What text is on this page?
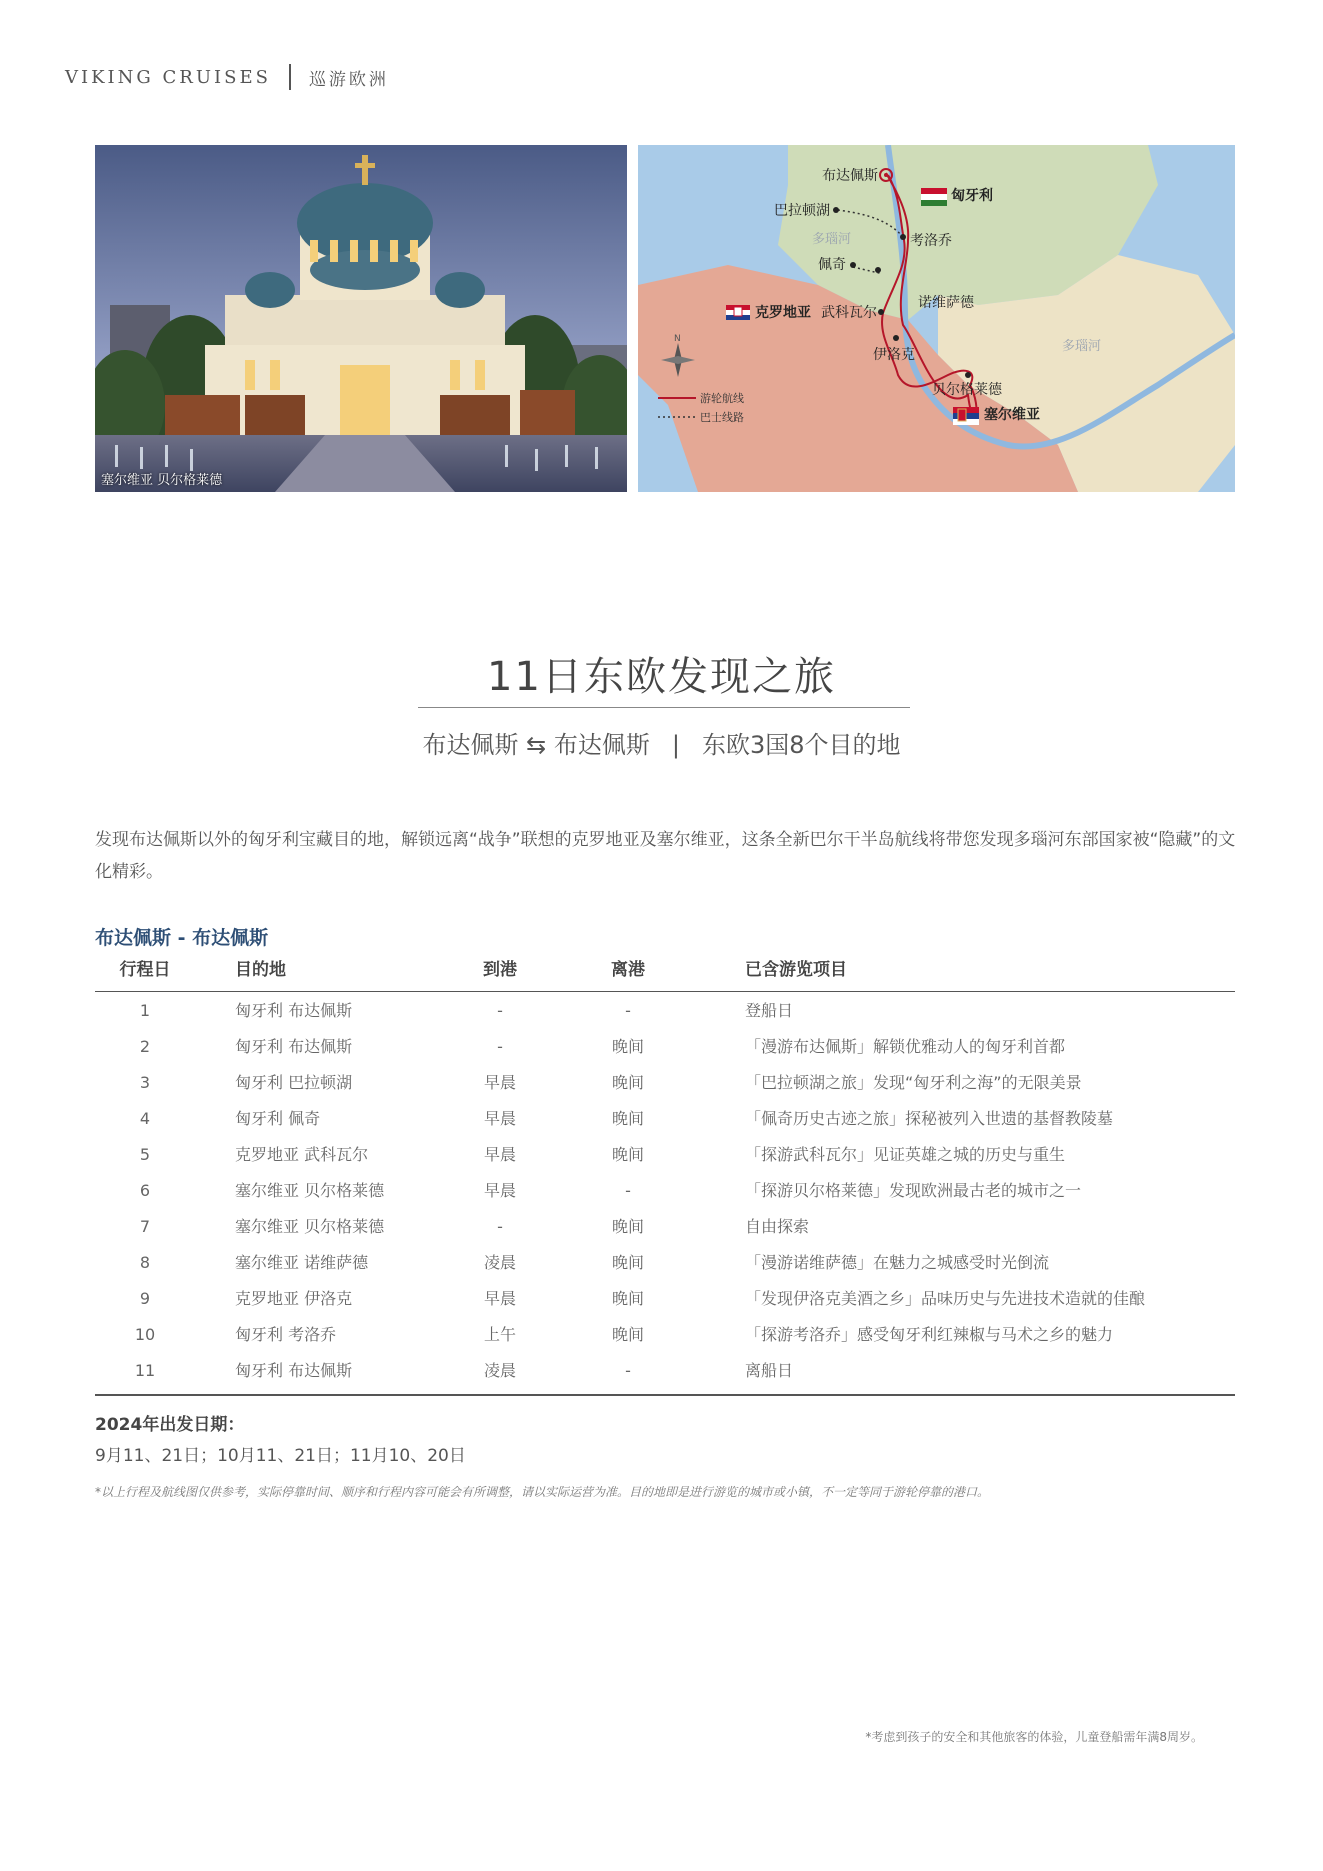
VIKING CRUISES 巡游欧洲
塞尔维亚 贝尔格莱德
布达佩斯
巴拉顿湖
考洛乔
佩奇
武科瓦尔
诺维萨德
伊洛克
贝尔格莱德
匈牙利
克罗地亚
塞尔维亚
多瑙河
多瑙河
N
游轮航线
巴士线路
11日东欧发现之旅
布达佩斯 ⇆ 布达佩斯 | 东欧3国8个目的地
发现布达佩斯以外的匈牙利宝藏目的地，解锁远离“战争”联想的克罗地亚及塞尔维亚，这条全新巴尔干半岛航线将带您发现多瑙河东部国家被“隐藏”的文化精彩。
布达佩斯 - 布达佩斯
行程日	目的地	到港	离港	已含游览项目
1	匈牙利 布达佩斯	-	-	登船日
2	匈牙利 布达佩斯	-	晚间	「漫游布达佩斯」解锁优雅动人的匈牙利首都
3	匈牙利 巴拉顿湖	早晨	晚间	「巴拉顿湖之旅」发现“匈牙利之海”的无限美景
4	匈牙利 佩奇	早晨	晚间	「佩奇历史古迹之旅」探秘被列入世遗的基督教陵墓
5	克罗地亚 武科瓦尔	早晨	晚间	「探游武科瓦尔」见证英雄之城的历史与重生
6	塞尔维亚 贝尔格莱德	早晨	-	「探游贝尔格莱德」发现欧洲最古老的城市之一
7	塞尔维亚 贝尔格莱德	-	晚间	自由探索
8	塞尔维亚 诺维萨德	凌晨	晚间	「漫游诺维萨德」在魅力之城感受时光倒流
9	克罗地亚 伊洛克	早晨	晚间	「发现伊洛克美酒之乡」品味历史与先进技术造就的佳酿
10	匈牙利 考洛乔	上午	晚间	「探游考洛乔」感受匈牙利红辣椒与马术之乡的魅力
11	匈牙利 布达佩斯	凌晨	-	离船日
2024年出发日期：
9月11、21日；10月11、21日；11月10、20日
*以上行程及航线图仅供参考，实际停靠时间、顺序和行程内容可能会有所调整，请以实际运营为准。目的地即是进行游览的城市或小镇，不一定等同于游轮停靠的港口。
*考虑到孩子的安全和其他旅客的体验，儿童登船需年满8周岁。
